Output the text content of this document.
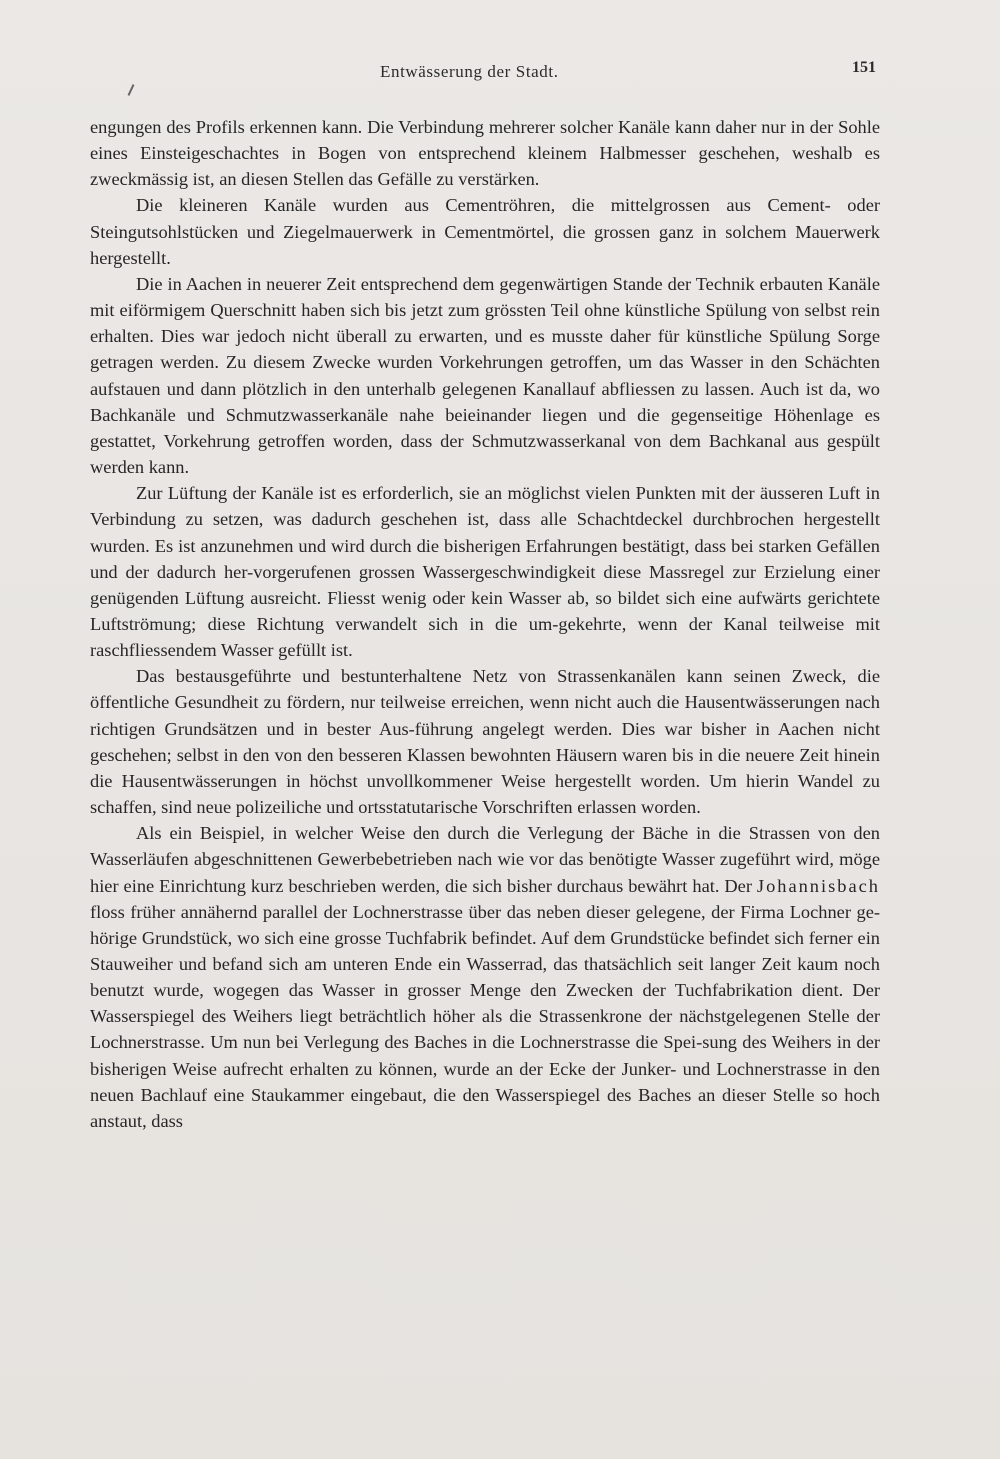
Entwässerung der Stadt.	151

engungen des Profils erkennen kann. Die Verbindung mehrerer solcher Kanäle kann daher nur in der Sohle eines Einsteigeschachtes in Bogen von entsprechend kleinem Halbmesser geschehen, weshalb es zweckmässig ist, an diesen Stellen das Gefälle zu verstärken.

Die kleineren Kanäle wurden aus Cementröhren, die mittelgrossen aus Cement- oder Steingutsohlstücken und Ziegelmauerwerk in Cementmörtel, die grossen ganz in solchem Mauerwerk hergestellt.

Die in Aachen in neuerer Zeit entsprechend dem gegenwärtigen Stande der Technik erbauten Kanäle mit eiförmigem Querschnitt haben sich bis jetzt zum grössten Teil ohne künstliche Spülung von selbst rein erhalten. Dies war jedoch nicht überall zu erwarten, und es musste daher für künstliche Spülung Sorge getragen werden. Zu diesem Zwecke wurden Vorkehrungen getroffen, um das Wasser in den Schächten aufstauen und dann plötzlich in den unterhalb gelegenen Kanallauf abfliessen zu lassen. Auch ist da, wo Bachkanäle und Schmutzwasserkanäle nahe beieinander liegen und die gegenseitige Höhenlage es gestattet, Vorkehrung getroffen worden, dass der Schmutzwasserkanal von dem Bachkanal aus gespült werden kann.

Zur Lüftung der Kanäle ist es erforderlich, sie an möglichst vielen Punkten mit der äusseren Luft in Verbindung zu setzen, was dadurch geschehen ist, dass alle Schachtdeckel durchbrochen hergestellt wurden. Es ist anzunehmen und wird durch die bisherigen Erfahrungen bestätigt, dass bei starken Gefällen und der dadurch her-vorgerufenen grossen Wassergeschwindigkeit diese Massregel zur Erzielung einer genügenden Lüftung ausreicht. Fliesst wenig oder kein Wasser ab, so bildet sich eine aufwärts gerichtete Luftströmung; diese Richtung verwandelt sich in die um-gekehrte, wenn der Kanal teilweise mit raschfliessendem Wasser gefüllt ist.

Das bestausgeführte und bestunterhaltene Netz von Strassenkanälen kann seinen Zweck, die öffentliche Gesundheit zu fördern, nur teilweise erreichen, wenn nicht auch die Hausentwässerungen nach richtigen Grundsätzen und in bester Aus-führung angelegt werden. Dies war bisher in Aachen nicht geschehen; selbst in den von den besseren Klassen bewohnten Häusern waren bis in die neuere Zeit hinein die Hausentwässerungen in höchst unvollkommener Weise hergestellt worden. Um hierin Wandel zu schaffen, sind neue polizeiliche und ortsstatutarische Vorschriften erlassen worden.

Als ein Beispiel, in welcher Weise den durch die Verlegung der Bäche in die Strassen von den Wasserläufen abgeschnittenen Gewerbebetrieben nach wie vor das benötigte Wasser zugeführt wird, möge hier eine Einrichtung kurz beschrieben werden, die sich bisher durchaus bewährt hat. Der Johannisbach floss früher annähernd parallel der Lochnerstrasse über das neben dieser gelegene, der Firma Lochner ge-hörige Grundstück, wo sich eine grosse Tuchfabrik befindet. Auf dem Grundstücke befindet sich ferner ein Stauweiher und befand sich am unteren Ende ein Wasserrad, das thatsächlich seit langer Zeit kaum noch benutzt wurde, wogegen das Wasser in grosser Menge den Zwecken der Tuchfabrikation dient. Der Wasserspiegel des Weihers liegt beträchtlich höher als die Strassenkrone der nächstgelegenen Stelle der Lochnerstrasse. Um nun bei Verlegung des Baches in die Lochnerstrasse die Spei-sung des Weihers in der bisherigen Weise aufrecht erhalten zu können, wurde an der Ecke der Junker- und Lochnerstrasse in den neuen Bachlauf eine Staukammer eingebaut, die den Wasserspiegel des Baches an dieser Stelle so hoch anstaut, dass
